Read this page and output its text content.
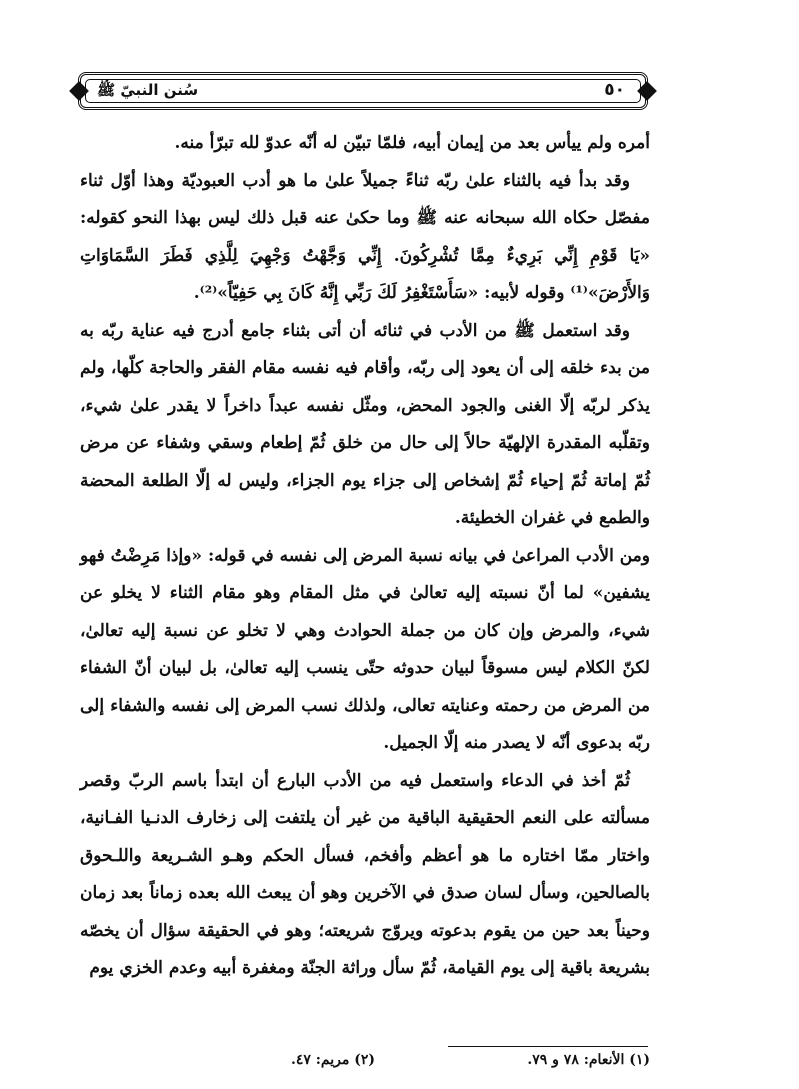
سُنن النبيّ ﷺ	٥٠

أمره ولم ييأس بعد من إيمان أبيه، فلمّا تبيّن له أنّه عدوّ لله تبرّأ منه.

وقد بدأ فيه بالثناء علىٰ ربّه ثناءً جميلاً علىٰ ما هو أدب العبوديّة وهذا أوّل ثناء مفصّل حكاه الله سبحانه عنه ﷺ وما حكىٰ عنه قبل ذلك ليس بهذا النحو كقوله: «يَا قَوْمِ إِنِّي بَرِيءٌ مِمَّا تُشْرِكُونَ. إِنِّي وَجَّهْتُ وَجْهِيَ لِلَّذِي فَطَرَ السَّمَاوَاتِ وَالأَرْضَ»⁽¹⁾ وقوله لأبيه: «سَأَسْتَغْفِرُ لَكَ رَبِّي إِنَّهُ كَانَ بِي حَفِيّاً»⁽²⁾.

وقد استعمل ﷺ من الأدب في ثنائه أن أتى بثناء جامع أدرج فيه عناية ربّه به من بدء خلقه إلى أن يعود إلى ربّه، وأقام فيه نفسه مقام الفقر والحاجة كلّها، ولم يذكر لربّه إلّا الغنى والجود المحض، ومثّل نفسه عبداً داخراً لا يقدر علىٰ شيء، وتقلّبه المقدرة الإلهيّة حالاً إلى حال من خلق ثُمّ إطعام وسقي وشفاء عن مرض ثُمّ إماتة ثُمّ إحياء ثُمّ إشخاص إلى جزاء يوم الجزاء، وليس له إلّا الطلعة المحضة والطمع في غفران الخطيئة.

ومن الأدب المراعىٰ في بيانه نسبة المرض إلى نفسه في قوله: «وإذا مَرِضْتُ فهو يشفين» لما أنّ نسبته إليه تعالىٰ في مثل المقام وهو مقام الثناء لا يخلو عن شيء، والمرض وإن كان من جملة الحوادث وهي لا تخلو عن نسبة إليه تعالىٰ، لكنّ الكلام ليس مسوقاً لبيان حدوثه حتّى ينسب إليه تعالىٰ، بل لبيان أنّ الشفاء من المرض من رحمته وعنايته تعالى، ولذلك نسب المرض إلى نفسه والشفاء إلى ربّه بدعوى أنّه لا يصدر منه إلّا الجميل.

ثُمّ أخذ في الدعاء واستعمل فيه من الأدب البارع أن ابتدأ باسم الربّ وقصر مسألته على النعم الحقيقية الباقية من غير أن يلتفت إلى زخارف الدنـيا الفـانية، واختار ممّا اختاره ما هو أعظم وأفخم، فسأل الحكم وهـو الشـريعة واللـحوق بالصالحين، وسأل لسان صدق في الآخرين وهو أن يبعث الله بعده زماناً بعد زمان وحيناً بعد حين من يقوم بدعوته ويروّج شريعته؛ وهو في الحقيقة سؤال أن يخصّه بشريعة باقية إلى يوم القيامة، ثُمّ سأل وراثة الجنّة ومغفرة أبيه وعدم الخزي يوم

(١) الأنعام: ٧٨ و ٧٩.
(٢) مريم: ٤٧.
